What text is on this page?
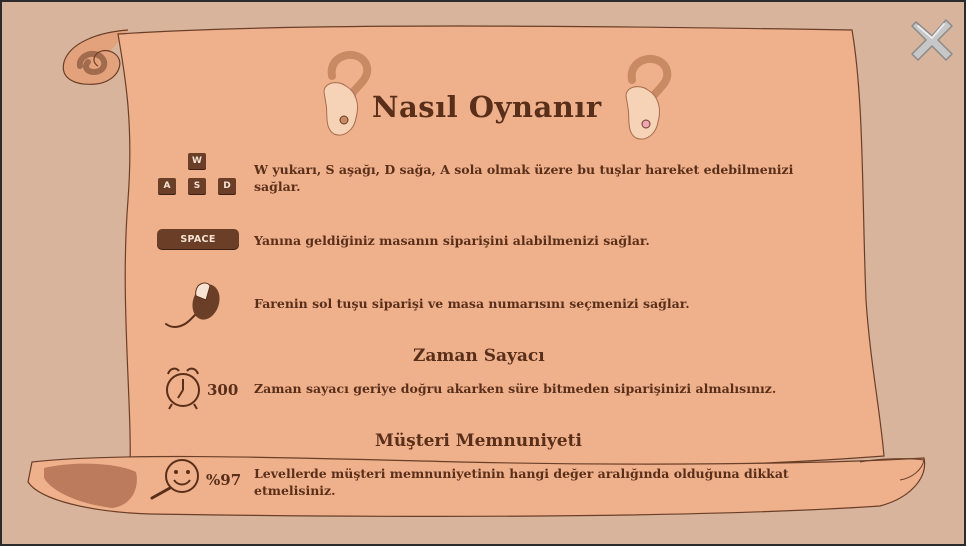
Nasıl Oynanır
W
A	S	D
W yukarı, S aşağı, D sağa, A sola olmak üzere bu tuşlar hareket edebilmenizi sağlar.
SPACE	Yanına geldiğiniz masanın siparişini alabilmenizi sağlar.
Farenin sol tuşu siparişi ve masa numarısını seçmenizi sağlar.
Zaman Sayacı
300 Zaman sayacı geriye doğru akarken süre bitmeden siparişinizi almalısınız.
Müşteri Memnuniyeti
%97 Levellerde müşteri memnuniyetinin hangi değer aralığında olduğuna dikkat etmelisiniz.
